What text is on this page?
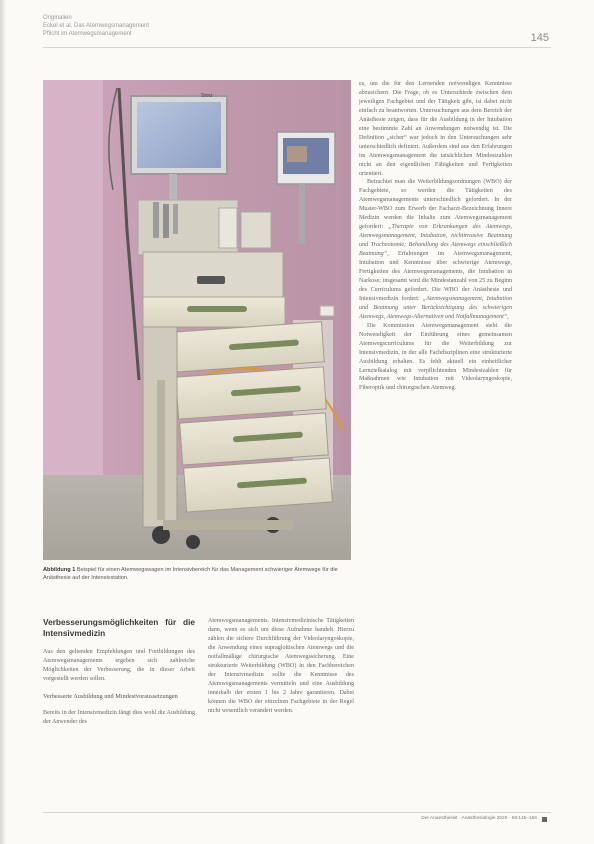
Originalien
Eckel et al. Das Atemwegsmanagement
Pflicht im Atemwegsmanagement	145
Storz
Abbildung 1 Beispiel für einen Atemwegswagen im Intensivbereich für das Management schwieriger Atemwege für die Anästhesie auf der Intensivstation.

es, um die für den Lernenden notwendigen Kenntnisse abzusichern. Die Frage, ob es Unterschiede zwischen dem jeweiligen Fachgebiet und der Tätigkeit gibt, ist dabei nicht einfach zu beantworten. Untersuchungen aus dem Bereich der Anästhesie zeigen, dass für die Ausbildung in der Intubation eine bestimmte Zahl an Anwendungen notwendig ist. Die Definition „sicher“ war jedoch in den Untersuchungen sehr unterschiedlich definiert. Außerdem sind aus den Erfahrungen im Atemwegsmanagement die tatsächlichen Mindestzahlen nicht an den eigentlichen Fähigkeiten und Fertigkeiten orientiert.

Betrachtet man die Weiterbildungsordnungen (WBO) der Fachgebiete, so werden die Tätigkeiten des Atemwegsmanagements unterschiedlich gefordert. In der Muster-WBO zum Erwerb der Facharzt-Bezeichnung Innere Medizin werden die Inhalte zum Atemwegsmanagement gefordert: „Therapie von Erkrankungen des Atemwegs, Atemwegsmanagement, Intubation, nichtinvasive Beatmung und Tracheotomie; Behandlung des Atemwegs einschließlich Beatmung“, Erfahrungen im Atemwegsmanagement, Intubation und Kenntnisse über schwierige Atemwege, Fertigkeiten des Atemwegsmanagements, die Intubation in Narkose; insgesamt wird die Mindestanzahl von 25 zu Beginn des Curriculums gefordert. Die WBO der Anästhesie und Intensivmedizin fordert: „Atemwegsmanagement, Intubation und Beatmung unter Berücksichtigung des schwierigen Atemwegs, Atemwegs-Alternativen und Notfallmanagement“,

Die Kommission Atemwegsmanagement sieht die Notwendigkeit der Einführung eines gemeinsamen Atemwegscurriculums für die Weiterbildung zur Intensivmedizin, in der alle Fachdisziplinen eine strukturierte Ausbildung erhalten. Es fehlt aktuell ein einheitlicher Lernzielkatalog mit verpflichtenden Mindestzahlen für Maßnahmen wie Intubation mit Videolaryngoskopie, Fiberoptik und chirurgischen Atemweg.

Verbesserungsmöglichkeiten für die Intensivmedizin

Aus den geltenden Empfehlungen und Fortbildungen des Atemwegsmanagements ergeben sich zahlreiche Möglichkeiten der Verbesserung, die in dieser Arbeit vorgestellt werden sollen.

Verbesserte Ausbildung und Mindestvoraussetzungen

Bereits in der Intensivmedizin fängt dies wohl die Ausbildung der Anwender des

Atemwegsmanagements. Intensivmedizinische Tätigkeiten dann, wenn es sich um diese Aufnahme handelt. Hierzu zählen die sichere Durchführung der Videolaryngoskopie, die Anwendung eines supraglottischen Atemwegs und die notfallmäßige chirurgische Atemwegssicherung. Eine strukturierte Weiterbildung (WBO) in den Fachbereichen der Intensivmedizin sollte die Kenntnisse des Atemwegsmanagements vermitteln und eine Ausbildung innerhalb der ersten 1 bis 2 Jahre garantieren. Dabei können die WBO der einzelnen Fachgebiete in der Regel nicht wesentlich verändert werden.

Der Anaesthesist · Anästhesiologie 2020 · 69:145–156
